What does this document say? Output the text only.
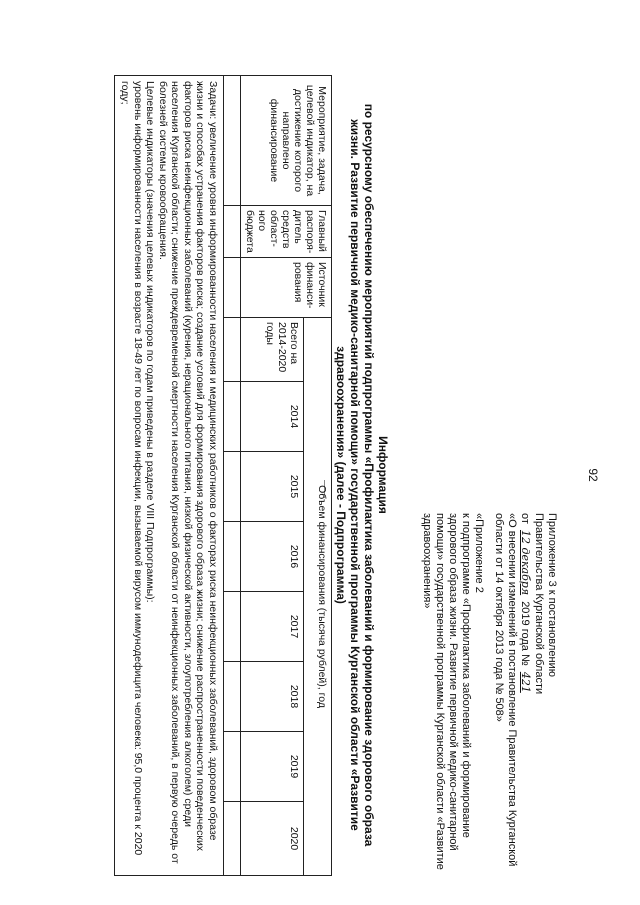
92
Приложение 3 к постановлению
Правительства Курганской области
от 12 декабря 2019 года № 421
«О внесении изменений в постановление Правительства Курганской области от 14 октября 2013 года № 508»
«Приложение 2
к подпрограмме «Профилактика заболеваний и формирование здорового образа жизни. Развитие первичной медико-санитарной помощи» государственной программы Курганской области «Развитие здравоохранения»
Информация
по ресурсному обеспечению мероприятий подпрограммы «Профилактика заболеваний и формирование здорового образа жизни. Развитие первичной медико-санитарной помощи» государственной программы Курганской области «Развитие здравоохранения» (далее - Подпрограмма)
Мероприятие, задача, целевой индикатор, на достижение которого направлено финансирование	Главный распоря-дитель средств област-ного бюджета	Источник финанси-рования	Объем финансирования (тысяча рублей), год							
			Всего на 2014-2020 годы	2014	2015	2016	2017	2018	2019	2020

Задачи: увеличение уровня информированности населения и медицинских работников о факторах риска неинфекционных заболеваний, здоровом образе жизни и способах устранения факторов риска; создание условий для формирования здорового образа жизни; снижение распространенности поведенческих факторов риска неинфекционных заболеваний (курения, нерационального питания, низкой физической активности, злоупотребления алкоголем) среди населения Курганской области; снижение преждевременной смертности населения Курганской области от неинфекционных заболеваний, в первую очередь от болезней системы кровообращения.
Целевые индикаторы (значения целевых индикаторов по годам приведены в разделе VIII Подпрограммы):
уровень информированности населения в возрасте 18-49 лет по вопросам инфекции, вызываемой вирусом иммунодефицита человека: 95,0 процента к 2020 году;										
